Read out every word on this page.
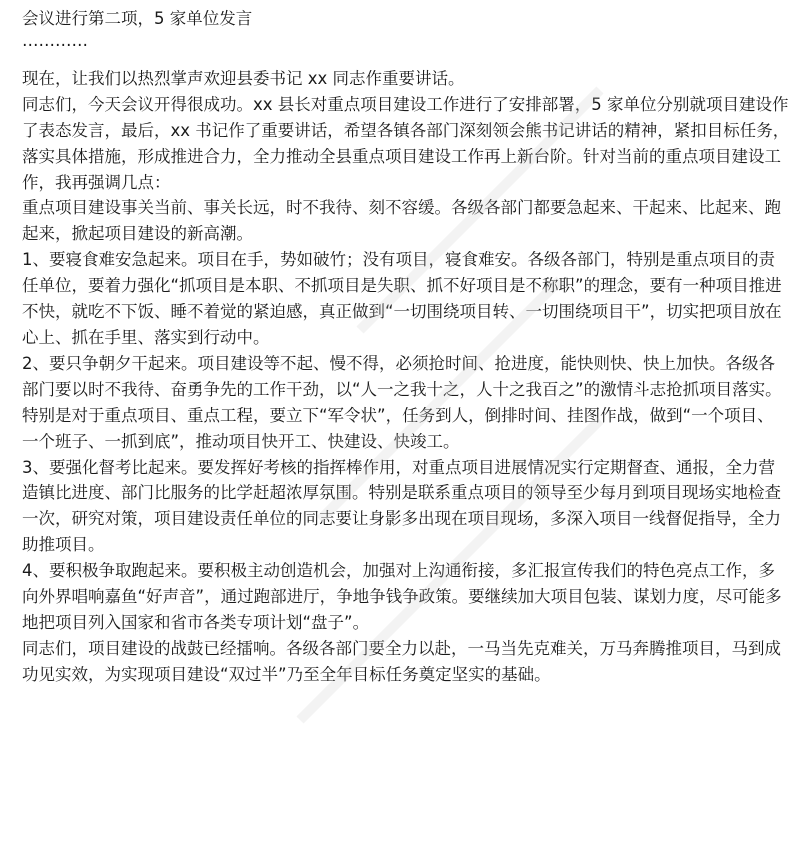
会议进行第二项，5 家单位发言

…………

现在，让我们以热烈掌声欢迎县委书记 xx 同志作重要讲话。

同志们，今天会议开得很成功。xx 县长对重点项目建设工作进行了安排部署，5 家单位分别就项目建设作了表态发言，最后，xx 书记作了重要讲话，希望各镇各部门深刻领会熊书记讲话的精神，紧扣目标任务，落实具体措施，形成推进合力，全力推动全县重点项目建设工作再上新台阶。针对当前的重点项目建设工作，我再强调几点：

重点项目建设事关当前、事关长远，时不我待、刻不容缓。各级各部门都要急起来、干起来、比起来、跑起来，掀起项目建设的新高潮。

1、要寝食难安急起来。项目在手，势如破竹；没有项目，寝食难安。各级各部门，特别是重点项目的责任单位，要着力强化“抓项目是本职、不抓项目是失职、抓不好项目是不称职”的理念，要有一种项目推进不快，就吃不下饭、睡不着觉的紧迫感，真正做到“一切围绕项目转、一切围绕项目干”，切实把项目放在心上、抓在手里、落实到行动中。

2、要只争朝夕干起来。项目建设等不起、慢不得，必须抢时间、抢进度，能快则快、快上加快。各级各部门要以时不我待、奋勇争先的工作干劲，以“人一之我十之，人十之我百之”的激情斗志抢抓项目落实。特别是对于重点项目、重点工程，要立下“军令状”，任务到人，倒排时间、挂图作战，做到“一个项目、一个班子、一抓到底”，推动项目快开工、快建设、快竣工。

3、要强化督考比起来。要发挥好考核的指挥棒作用，对重点项目进展情况实行定期督查、通报，全力营造镇比进度、部门比服务的比学赶超浓厚氛围。特别是联系重点项目的领导至少每月到项目现场实地检查一次，研究对策，项目建设责任单位的同志要让身影多出现在项目现场，多深入项目一线督促指导，全力助推项目。

4、要积极争取跑起来。要积极主动创造机会，加强对上沟通衔接，多汇报宣传我们的特色亮点工作，多向外界唱响嘉鱼“好声音”，通过跑部进厅，争地争钱争政策。要继续加大项目包装、谋划力度，尽可能多地把项目列入国家和省市各类专项计划“盘子”。

同志们，项目建设的战鼓已经擂响。各级各部门要全力以赴，一马当先克难关，万马奔腾推项目，马到成功见实效，为实现项目建设“双过半”乃至全年目标任务奠定坚实的基础。
